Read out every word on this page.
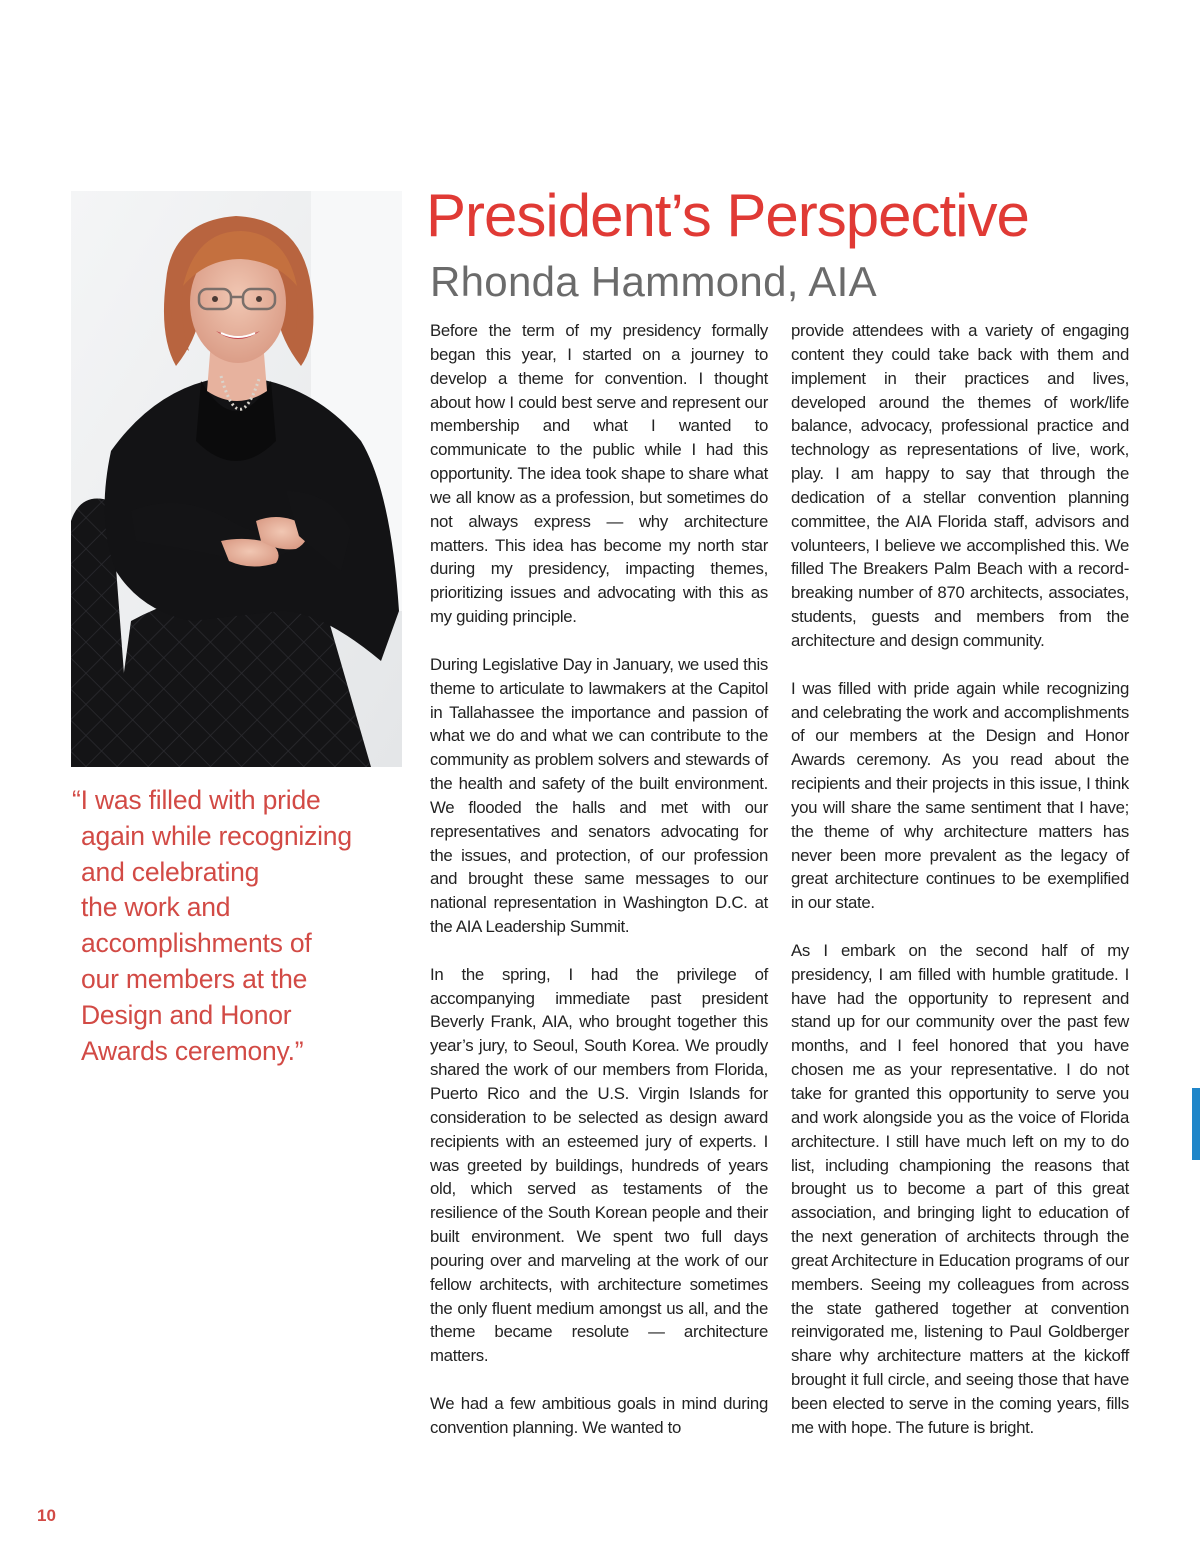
“I was filled with pride
again while recognizing
and celebrating
the work and
accomplishments of
our members at the
Design and Honor
Awards ceremony.”
President’s Perspective
Rhonda Hammond, AIA

Before the term of my presidency formally began this year, I started on a journey to develop a theme for convention. I thought about how I could best serve and represent our membership and what I wanted to communicate to the public while I had this opportunity. The idea took shape to share what we all know as a profession, but sometimes do not always express — why architecture matters. This idea has become my north star during my presidency, impacting themes, prioritizing issues and advocating with this as my guiding principle.

During Legislative Day in January, we used this theme to articulate to lawmakers at the Capitol in Tallahassee the importance and passion of what we do and what we can contribute to the community as problem solvers and stewards of the health and safety of the built environment. We flooded the halls and met with our representatives and senators advocating for the issues, and protection, of our profession and brought these same messages to our national representation in Washington D.C. at the AIA Leadership Summit.

In the spring, I had the privilege of accompanying immediate past president Beverly Frank, AIA, who brought together this year’s jury, to Seoul, South Korea. We proudly shared the work of our members from Florida, Puerto Rico and the U.S. Virgin Islands for consideration to be selected as design award recipients with an esteemed jury of experts. I was greeted by buildings, hundreds of years old, which served as testaments of the resilience of the South Korean people and their built environment. We spent two full days pouring over and marveling at the work of our fellow architects, with architecture sometimes the only fluent medium amongst us all, and the theme became resolute — architecture matters.

We had a few ambitious goals in mind during convention planning. We wanted to

provide attendees with a variety of engaging content they could take back with them and implement in their practices and lives, developed around the themes of work/life balance, advocacy, professional practice and technology as representations of live, work, play. I am happy to say that through the dedication of a stellar convention planning committee, the AIA Florida staff, advisors and volunteers, I believe we accomplished this. We filled The Breakers Palm Beach with a record-breaking number of 870 architects, associates, students, guests and members from the architecture and design community.

I was filled with pride again while recognizing and celebrating the work and accomplishments of our members at the Design and Honor Awards ceremony. As you read about the recipients and their projects in this issue, I think you will share the same sentiment that I have; the theme of why architecture matters has never been more prevalent as the legacy of great architecture continues to be exemplified in our state.

As I embark on the second half of my presidency, I am filled with humble gratitude. I have had the opportunity to represent and stand up for our community over the past few months, and I feel honored that you have chosen me as your representative. I do not take for granted this opportunity to serve you and work alongside you as the voice of Florida architecture. I still have much left on my to do list, including championing the reasons that brought us to become a part of this great association, and bringing light to education of the next generation of architects through the great Architecture in Education programs of our members. Seeing my colleagues from across the state gathered together at convention reinvigorated me, listening to Paul Goldberger share why architecture matters at the kickoff brought it full circle, and seeing those that have been elected to serve in the coming years, fills me with hope. The future is bright.

10
